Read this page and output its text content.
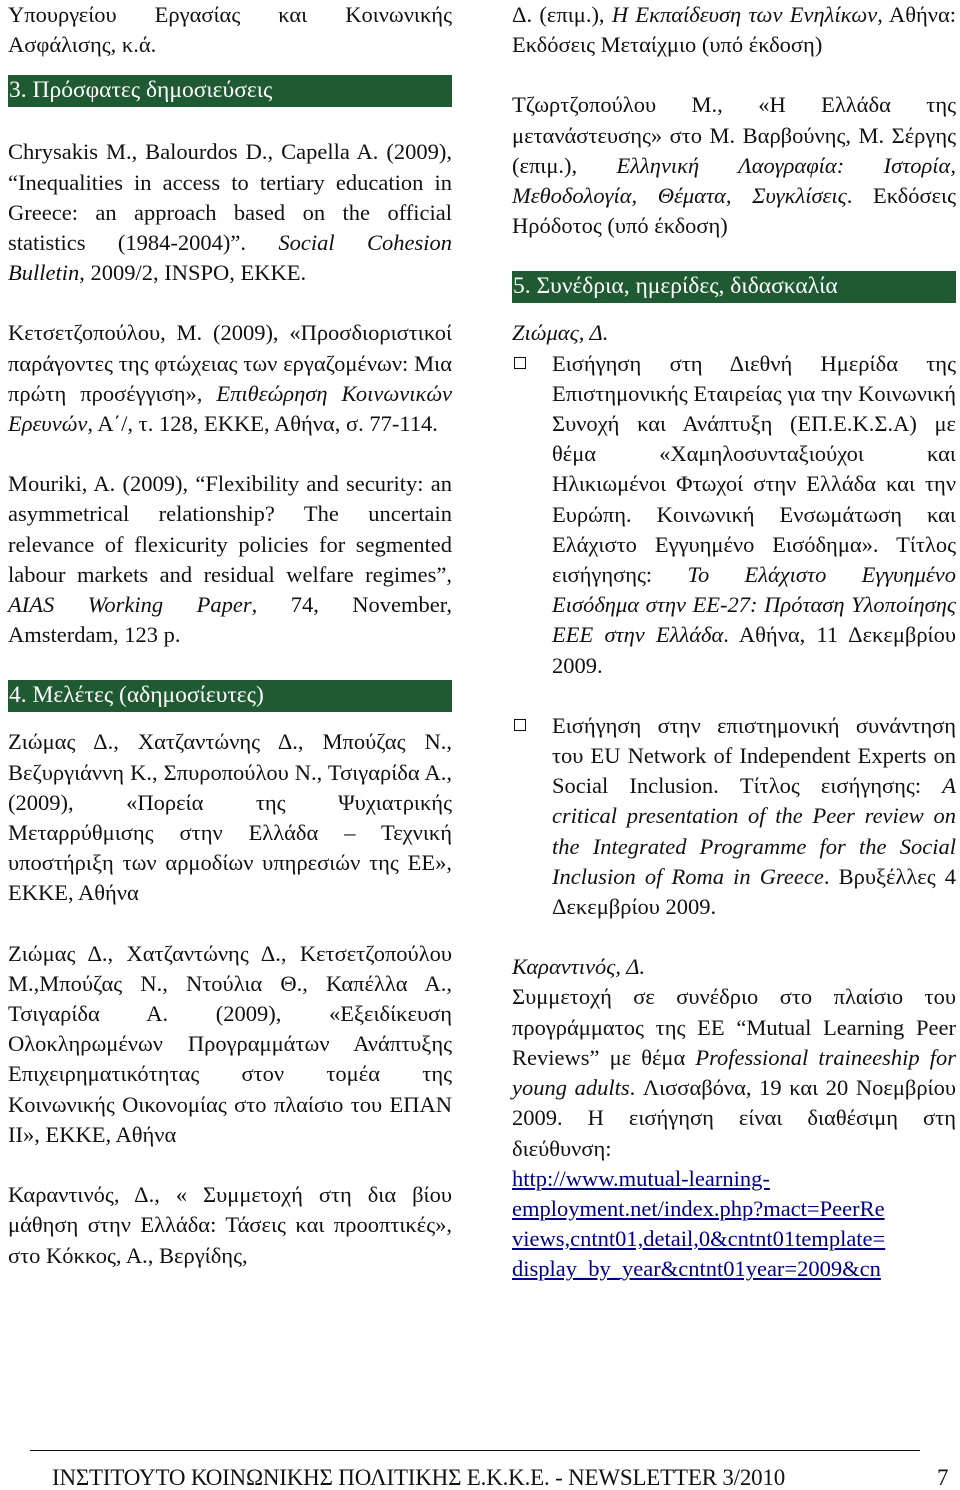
Υπουργείου Εργασίας και Κοινωνικής Ασφάλισης, κ.ά.

3. Πρόσφατες δημοσιεύσεις

Chrysakis M., Balourdos D., Capella A. (2009), “Inequalities in access to tertiary education in Greece: an approach based on the official statistics (1984-2004)”. Social Cohesion Bulletin, 2009/2, INSPO, EKKE.

Κετσετζοπούλου, Μ. (2009), «Προσδιοριστικοί παράγοντες της φτώχειας των εργαζομένων: Μια πρώτη προσέγγιση», Επιθεώρηση Κοινωνικών Ερευνών, Α΄/, τ. 128, ΕΚΚΕ, Αθήνα, σ. 77-114.

Mouriki, A. (2009), “Flexibility and security: an asymmetrical relationship? The uncertain relevance of flexicurity policies for segmented labour markets and residual welfare regimes”, AIAS Working Paper, 74, November, Amsterdam, 123 p.

4. Μελέτες (αδημοσίευτες)

Ζιώμας Δ., Χατζαντώνης Δ., Μπούζας Ν., Βεζυργιάννη Κ., Σπυροπούλου Ν., Τσιγαρίδα Α., (2009), «Πορεία της Ψυχιατρικής Μεταρρύθμισης στην Ελλάδα – Τεχνική υποστήριξη των αρμοδίων υπηρεσιών της ΕΕ», ΕΚΚΕ, Αθήνα

Ζιώμας Δ., Χατζαντώνης Δ., Κετσετζοπούλου Μ.,Μπούζας Ν., Ντούλια Θ., Καπέλλα Α., Τσιγαρίδα Α. (2009), «Εξειδίκευση Ολοκληρωμένων Προγραμμάτων Ανάπτυξης Επιχειρηματικότητας στον τομέα της Κοινωνικής Οικονομίας στο πλαίσιο του ΕΠΑΝ ΙΙ», ΕΚΚΕ, Αθήνα

Καραντινός, Δ., « Συμμετοχή στη δια βίου μάθηση στην Ελλάδα: Τάσεις και προοπτικές», στο Κόκκος, Α., Βεργίδης,

Δ. (επιμ.), Η Εκπαίδευση των Ενηλίκων, Αθήνα: Εκδόσεις Μεταίχμιο (υπό έκδοση)

Τζωρτζοπούλου Μ., «Η Ελλάδα της μετανάστευσης» στο Μ. Βαρβούνης, Μ. Σέργης (επιμ.), Ελληνική Λαογραφία: Ιστορία, Μεθοδολογία, Θέματα, Συγκλίσεις. Εκδόσεις Ηρόδοτος (υπό έκδοση)

5. Συνέδρια, ημερίδες, διδασκαλία

Ζιώμας, Δ.

Εισήγηση στη Διεθνή Ημερίδα της Επιστημονικής Εταιρείας για την Κοινωνική Συνοχή και Ανάπτυξη (ΕΠ.Ε.Κ.Σ.Α) με θέμα «Χαμηλοσυνταξιούχοι και Ηλικιωμένοι Φτωχοί στην Ελλάδα και την Ευρώπη. Κοινωνική Ενσωμάτωση και Ελάχιστο Εγγυημένο Εισόδημα». Τίτλος εισήγησης: Το Ελάχιστο Εγγυημένο Εισόδημα στην ΕΕ-27: Πρόταση Υλοποίησης ΕΕΕ στην Ελλάδα. Αθήνα, 11 Δεκεμβρίου 2009.

Εισήγηση στην επιστημονική συνάντηση του EU Network of Independent Experts on Social Inclusion. Τίτλος εισήγησης: A critical presentation of the Peer review on the Integrated Programme for the Social Inclusion of Roma in Greece. Βρυξέλλες 4 Δεκεμβρίου 2009.

Καραντινός, Δ.

Συμμετοχή σε συνέδριο στο πλαίσιο του προγράμματος της ΕΕ “Mutual Learning Peer Reviews” με θέμα Professional traineeship for young adults. Λισσαβόνα, 19 και 20 Νοεμβρίου 2009. Η εισήγηση είναι διαθέσιμη στη διεύθυνση:

http://www.mutual-learning-
employment.net/index.php?mact=PeerRe
views,cntnt01,detail,0&cntnt01template=
display_by_year&cntnt01year=2009&cn
ΙΝΣΤΙΤΟΥΤΟ ΚΟΙΝΩΝΙΚΗΣ ΠΟΛΙΤΙΚΗΣ Ε.Κ.Κ.Ε. - NEWSLETTER 3/2010	7
